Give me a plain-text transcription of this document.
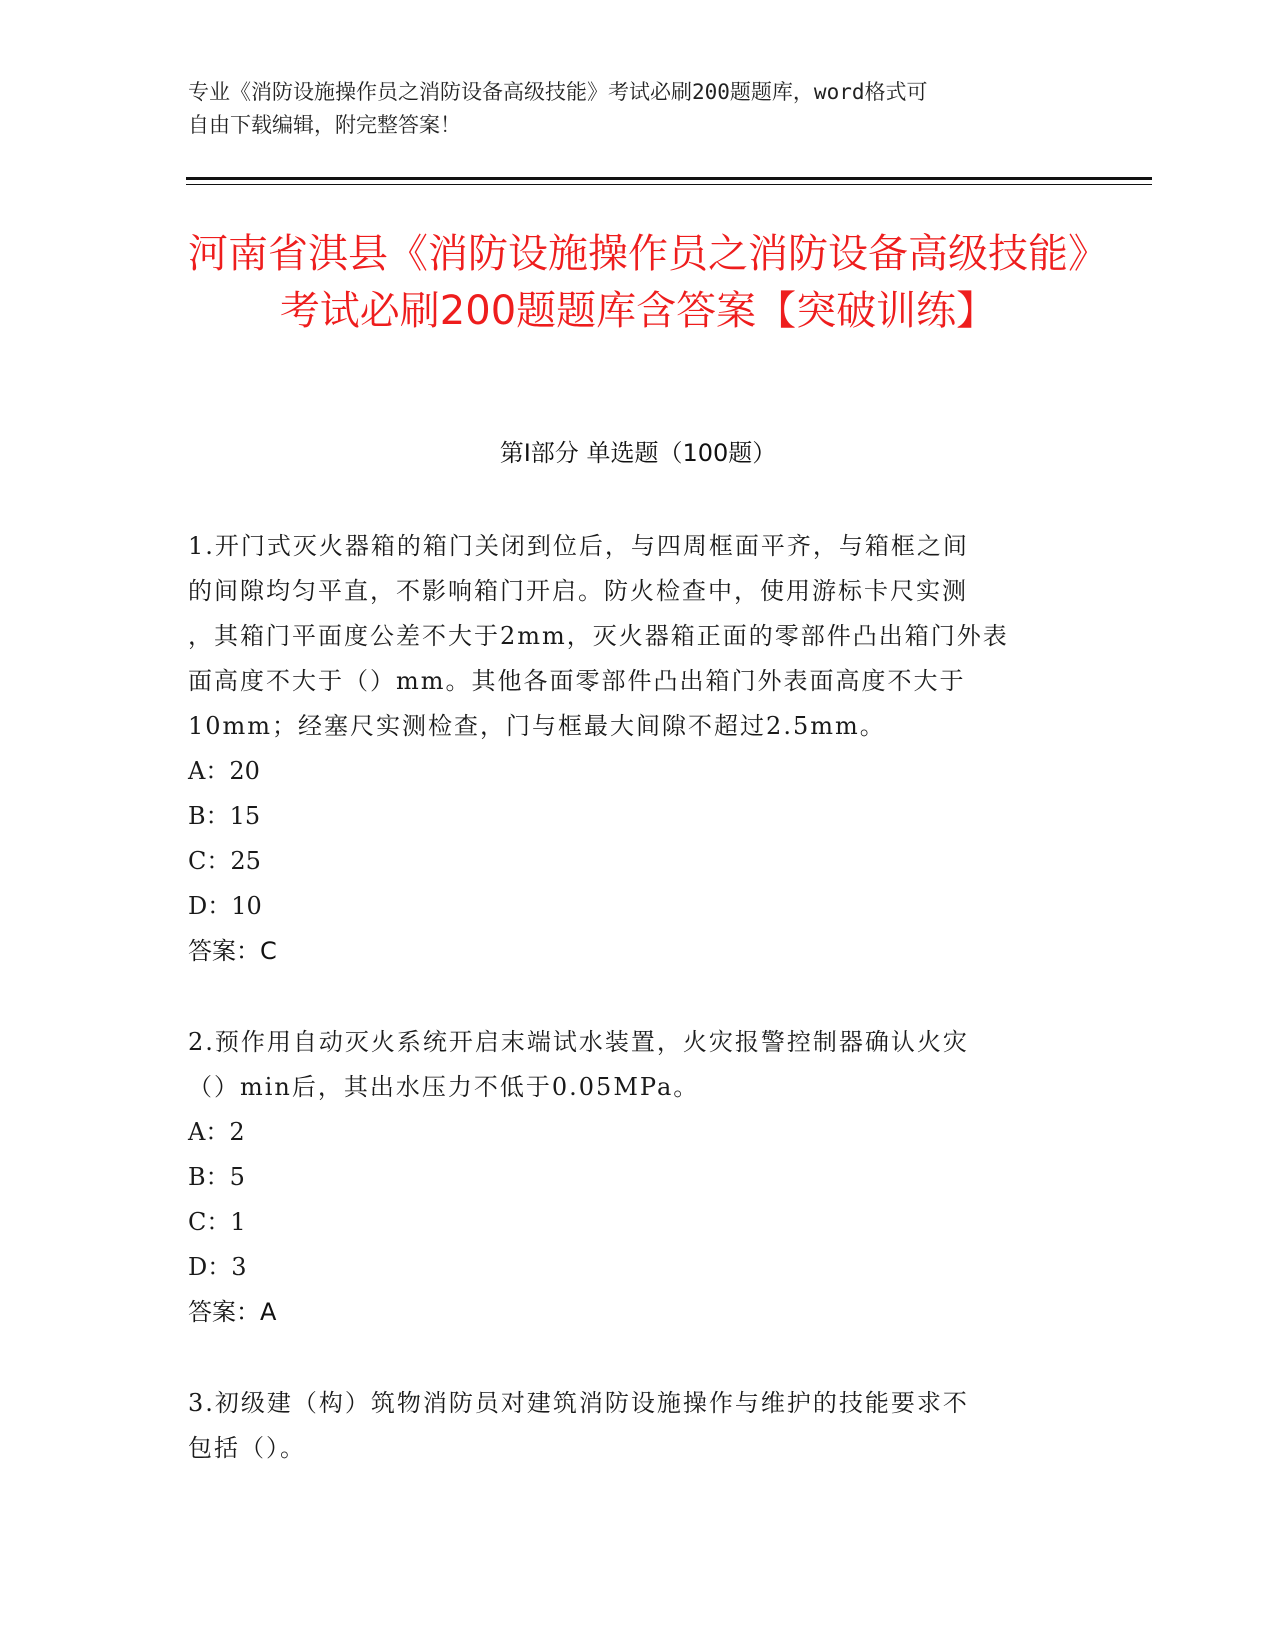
专业《消防设施操作员之消防设备高级技能》考试必刷200题题库，word格式可
自由下载编辑，附完整答案！
河南省淇县《消防设施操作员之消防设备高级技能》考试必刷200题题库含答案【突破训练】
第I部分 单选题（100题）
1.开门式灭火器箱的箱门关闭到位后，与四周框面平齐，与箱框之间
的间隙均匀平直，不影响箱门开启。防火检查中，使用游标卡尺实测
，其箱门平面度公差不大于2mm，灭火器箱正面的零部件凸出箱门外表
面高度不大于（）mm。其他各面零部件凸出箱门外表面高度不大于
10mm；经塞尺实测检查，门与框最大间隙不超过2.5mm。
A：20
B：15
C：25
D：10
答案：C
2.预作用自动灭火系统开启末端试水装置，火灾报警控制器确认火灾
（）min后，其出水压力不低于0.05MPa。
A：2
B：5
C：1
D：3
答案：A
3.初级建（构）筑物消防员对建筑消防设施操作与维护的技能要求不
包括（）。
